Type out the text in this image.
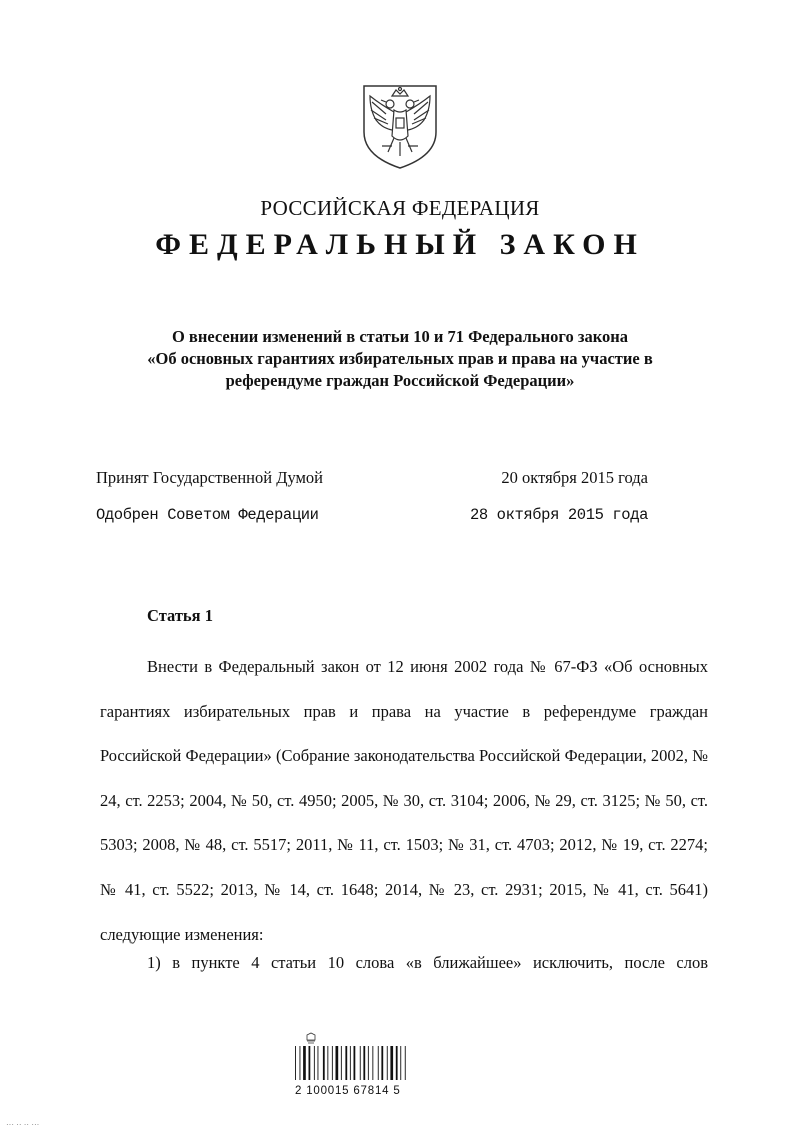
РОССИЙСКАЯ ФЕДЕРАЦИЯ
ФЕДЕРАЛЬНЫЙ ЗАКОН
О внесении изменений в статьи 10 и 71 Федерального закона
«Об основных гарантиях избирательных прав и права на участие в
референдуме граждан Российской Федерации»
Принят Государственной Думой	20 октября 2015 года
Одобрен Советом Федерации	28 октября 2015 года
Статья 1

Внести в Федеральный закон от 12 июня 2002 года № 67-ФЗ «Об основных гарантиях избирательных прав и права на участие в референдуме граждан Российской Федерации» (Собрание законодательства Российской Федерации, 2002, № 24, ст. 2253; 2004, № 50, ст. 4950; 2005, № 30, ст. 3104; 2006, № 29, ст. 3125; № 50, ст. 5303; 2008, № 48, ст. 5517; 2011, № 11, ст. 1503; № 31, ст. 4703; 2012, № 19, ст. 2274; № 41, ст. 5522; 2013, № 14, ст. 1648; 2014, № 23, ст. 2931; 2015, № 41, ст. 5641) следующие изменения:

1) в пункте 4 статьи 10 слова «в ближайшее» исключить, после слов

2 100015 67814 5
··· ·· ·· ···
